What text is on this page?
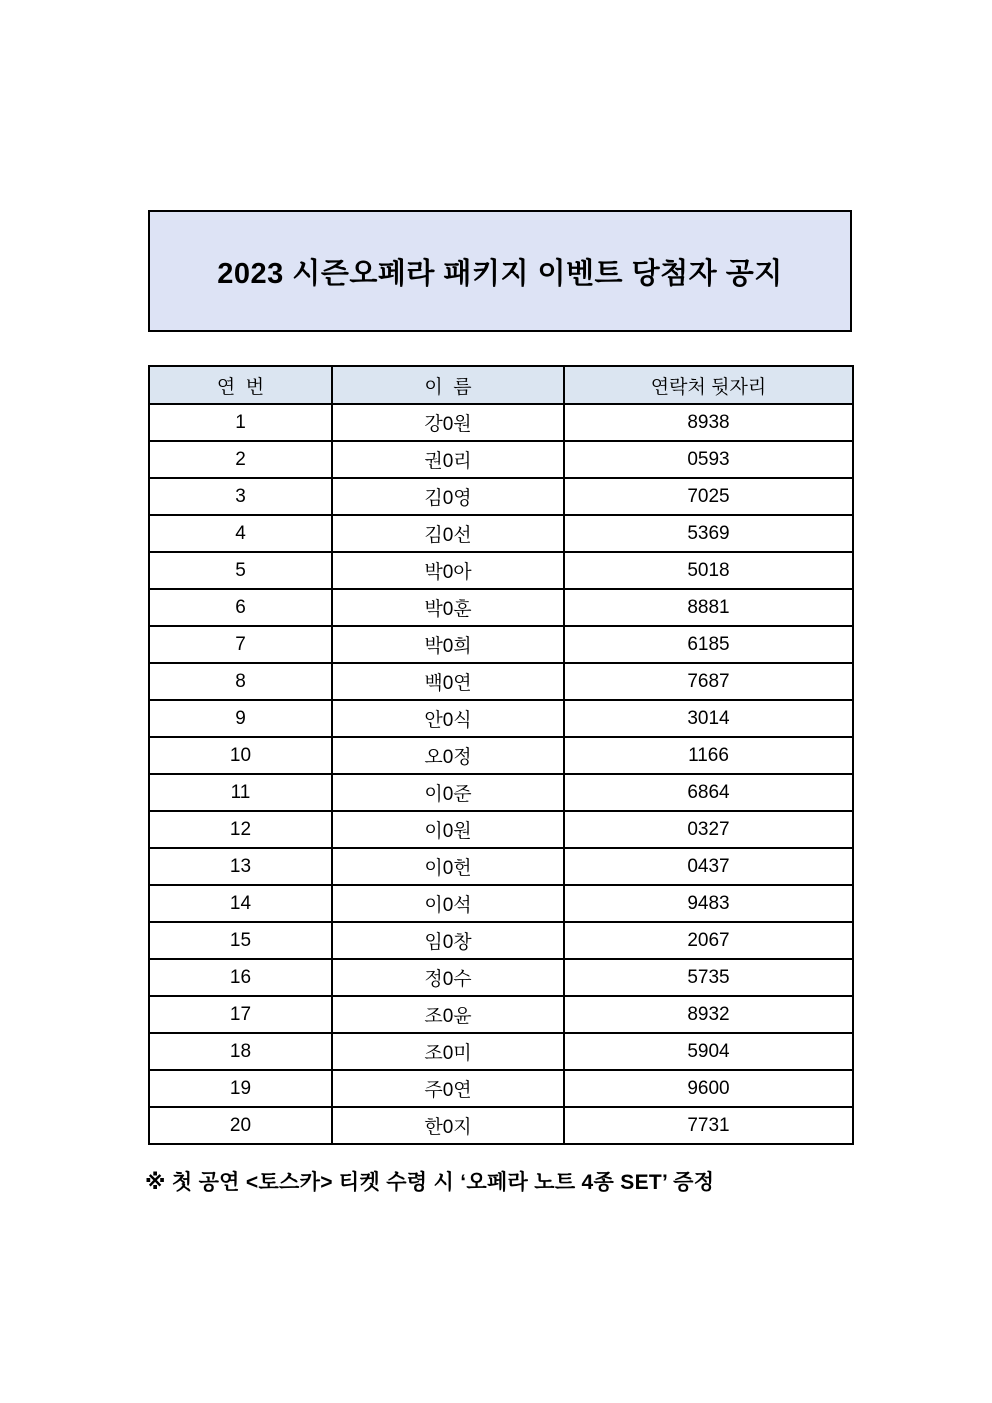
2023 시즌오페라 패키지 이벤트 당첨자 공지
연  번	이  름	연락처 뒷자리
1	강0원	8938
2	권0리	0593
3	김0영	7025
4	김0선	5369
5	박0아	5018
6	박0훈	8881
7	박0희	6185
8	백0연	7687
9	안0식	3014
10	오0정	1166
11	이0준	6864
12	이0원	0327
13	이0헌	0437
14	이0석	9483
15	임0창	2067
16	정0수	5735
17	조0윤	8932
18	조0미	5904
19	주0연	9600
20	한0지	7731
※ 첫 공연 <토스카> 티켓 수령 시 ‘오페라 노트 4종 SET’ 증정
